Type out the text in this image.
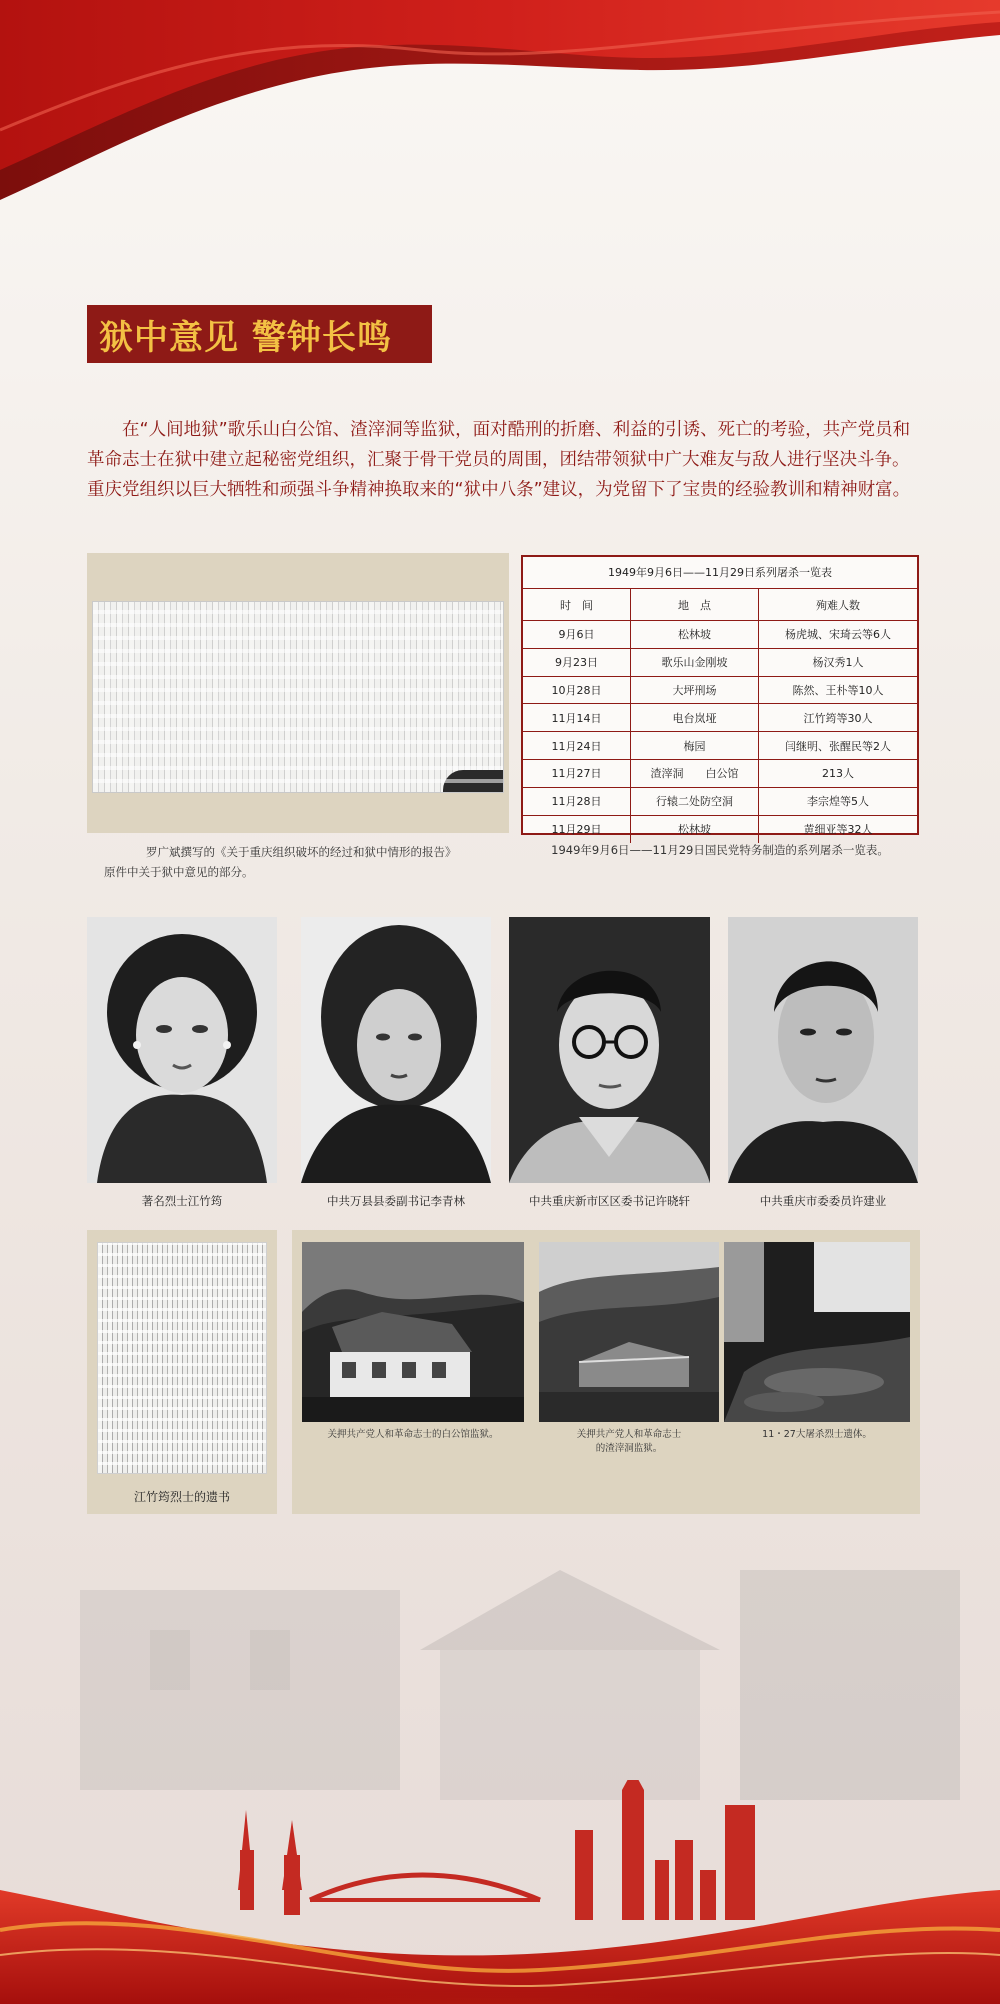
狱中意见 警钟长鸣

在“人间地狱”歌乐山白公馆、渣滓洞等监狱，面对酷刑的折磨、利益的引诱、死亡的考验，共产党员和革命志士在狱中建立起秘密党组织，汇聚于骨干党员的周围，团结带领狱中广大难友与敌人进行坚决斗争。重庆党组织以巨大牺牲和顽强斗争精神换取来的“狱中八条”建议，为党留下了宝贵的经验教训和精神财富。

罗广斌撰写的《关于重庆组织破坏的经过和狱中情形的报告》
原件中关于狱中意见的部分。
1949年9月6日——11月29日系列屠杀一览表
时　间	地　点	殉难人数
9月6日	松林坡	杨虎城、宋琦云等6人
9月23日	歌乐山金刚坡	杨汉秀1人
10月28日	大坪刑场	陈然、王朴等10人
11月14日	电台岚垭	江竹筠等30人
11月24日	梅园	闫继明、张醒民等2人
11月27日	渣滓洞　　白公馆	213人
11月28日	行辕二处防空洞	李宗煌等5人
11月29日	松林坡	黄细亚等32人
1949年9月6日——11月29日国民党特务制造的系列屠杀一览表。
著名烈士江竹筠	中共万县县委副书记李青林	中共重庆新市区区委书记许晓轩	中共重庆市委委员许建业
江竹筠烈士的遗书
关押共产党人和革命志士的白公馆监狱。	关押共产党人和革命志士
的渣滓洞监狱。
11・27大屠杀烈士遗体。
